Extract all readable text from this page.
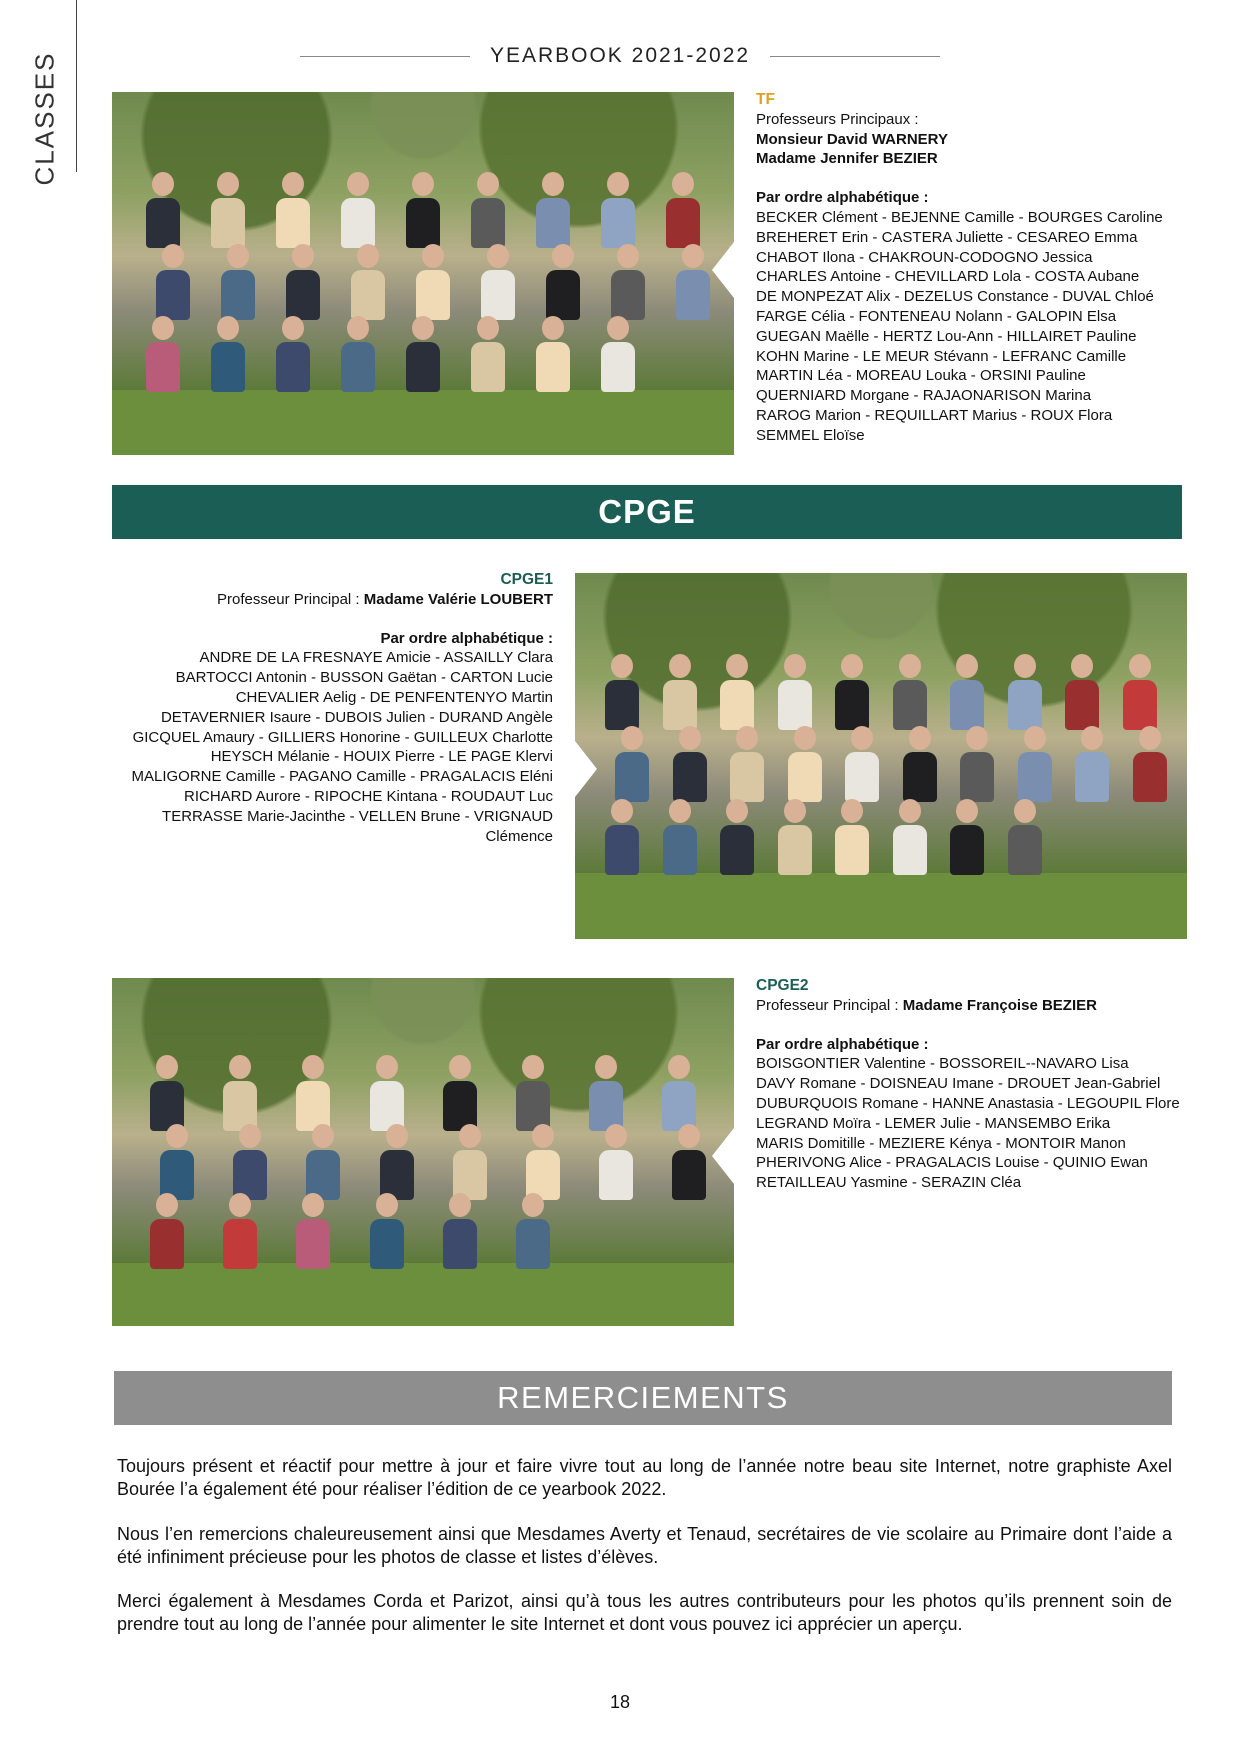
CLASSES	YEARBOOK 2021-2022
TF
Professeurs Principaux :
Monsieur David WARNERY
Madame Jennifer BEZIER
Par ordre alphabétique :
BECKER Clément - BEJENNE Camille - BOURGES Caroline
BREHERET Erin - CASTERA Juliette - CESAREO Emma
CHABOT Ilona - CHAKROUN-CODOGNO Jessica
CHARLES Antoine - CHEVILLARD Lola - COSTA Aubane
DE MONPEZAT Alix - DEZELUS Constance - DUVAL Chloé
FARGE Célia - FONTENEAU Nolann - GALOPIN Elsa
GUEGAN Maëlle - HERTZ Lou-Ann - HILLAIRET Pauline
KOHN Marine - LE MEUR Stévann - LEFRANC Camille
MARTIN Léa - MOREAU Louka - ORSINI Pauline
QUERNIARD Morgane - RAJAONARISON Marina
RAROG Marion - REQUILLART Marius - ROUX Flora
SEMMEL Eloïse
CPGE
CPGE1
Professeur Principal : Madame Valérie LOUBERT
Par ordre alphabétique :
ANDRE DE LA FRESNAYE Amicie - ASSAILLY Clara
BARTOCCI Antonin - BUSSON Gaëtan - CARTON Lucie
CHEVALIER Aelig - DE PENFENTENYO Martin
DETAVERNIER Isaure - DUBOIS Julien - DURAND Angèle
GICQUEL Amaury - GILLIERS Honorine - GUILLEUX Charlotte
HEYSCH Mélanie - HOUIX Pierre - LE PAGE Klervi
MALIGORNE Camille - PAGANO Camille - PRAGALACIS Eléni
RICHARD Aurore - RIPOCHE Kintana - ROUDAUT Luc
TERRASSE Marie-Jacinthe - VELLEN Brune - VRIGNAUD Clémence
CPGE2
Professeur Principal : Madame Françoise BEZIER
Par ordre alphabétique :
BOISGONTIER Valentine - BOSSOREIL--NAVARO Lisa
DAVY Romane - DOISNEAU Imane - DROUET Jean-Gabriel
DUBURQUOIS Romane - HANNE Anastasia - LEGOUPIL Flore
LEGRAND Moïra - LEMER Julie - MANSEMBO Erika
MARIS Domitille - MEZIERE Kénya - MONTOIR Manon
PHERIVONG Alice - PRAGALACIS Louise - QUINIO Ewan
RETAILLEAU Yasmine - SERAZIN Cléa
REMERCIEMENTS

Toujours présent et réactif pour mettre à jour et faire vivre tout au long de l’année notre beau site Internet, notre graphiste Axel Bourée l’a également été pour réaliser l’édition de ce yearbook 2022.

Nous l’en remercions chaleureusement ainsi que Mesdames Averty et Tenaud, secrétaires de vie scolaire au Primaire dont l’aide a été infiniment précieuse pour les photos de classe et listes d’élèves.

Merci également à Mesdames Corda et Parizot, ainsi qu’à tous les autres contributeurs pour les photos qu’ils prennent soin de prendre tout au long de l’année pour alimenter le site Internet et dont vous pouvez ici apprécier un aperçu.

18
